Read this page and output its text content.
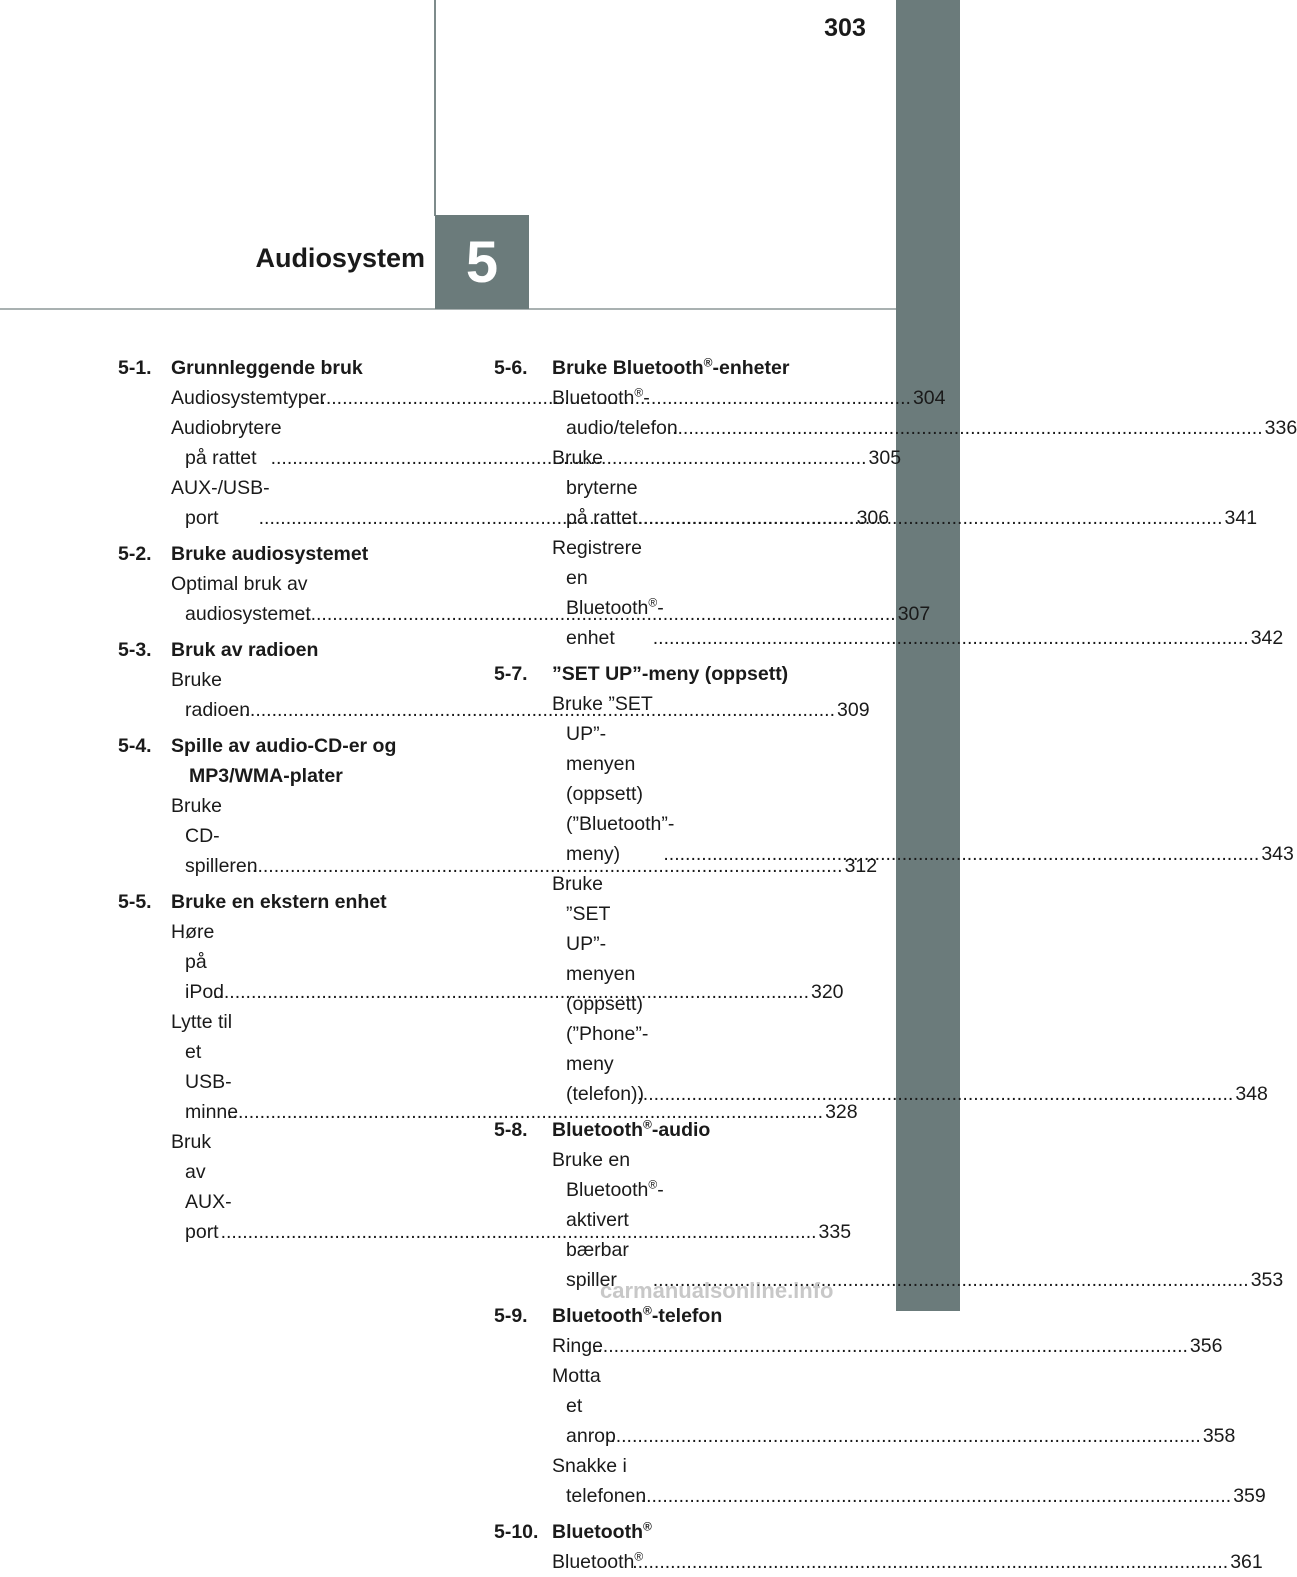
303
Audiosystem 5
5-1. Grunnleggende bruk
Audiosystemtyper .....	304
Audiobrytere på rattet .....	305
AUX-/USB-port .....	306
5-2. Bruke audiosystemet
Optimal bruk av audiosystemet .....	307
5-3. Bruk av radioen
Bruke radioen .....	309
5-4. Spille av audio-CD-er og MP3/WMA-plater
Bruke CD-spilleren .....	312
5-5. Bruke en ekstern enhet
Høre på iPod .....	320
Lytte til et USB-minne .....	328
Bruk av AUX-port .....	335
5-6.	Bruke Bluetooth®-enheter
Bluetooth®-audio/telefon .....	336
Bruke bryterne på rattet .....	341
Registrere en Bluetooth®-enhet .....	342
5-7.	”SET UP”-meny (oppsett)
Bruke ”SET UP”-menyen (oppsett) (”Bluetooth”-meny) .....	343
Bruke ”SET UP”-menyen (oppsett) (”Phone”-meny (telefon)) .....	348
5-8.	Bluetooth®-audio
Bruke en Bluetooth®-aktivert bærbar spiller .....	353
5-9.	Bluetooth®-telefon
Ringe .....	356
Motta et anrop .....	358
Snakke i telefonen .....	359
5-10. Bluetooth®
Bluetooth® .....	361
carmanualsonline.info
